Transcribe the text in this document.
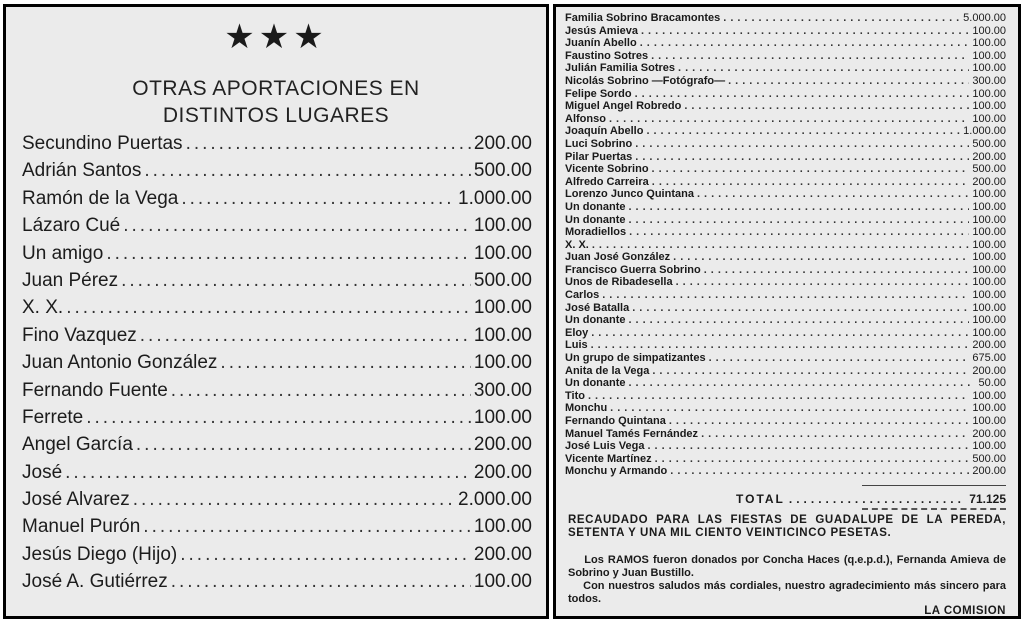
★★★
OTRAS APORTACIONES EN
DISTINTOS LUGARES
Secundino Puertas .....	200.00
Adrián Santos .....	500.00
Ramón de la Vega .....	1.000.00
Lázaro Cué .....	100.00
Un amigo .....	100.00
Juan Pérez .....	500.00
X. X. .....	100.00
Fino Vazquez .....	100.00
Juan Antonio González .....	100.00
Fernando Fuente .....	300.00
Ferrete .....	100.00
Angel García .....	200.00
José .....	200.00
José Alvarez .....	2.000.00
Manuel Purón .....	100.00
Jesús Diego (Hijo) .....	200.00
José A. Gutiérrez .....	100.00
Familia Sobrino Bracamontes .....	5.000.00
Jesús Amieva .....	100.00
Juanín Abello .....	100.00
Faustino Sotres .....	100.00
Julián Familia Sotres .....	100.00
Nicolás Sobrino —Fotógrafo— .....	300.00
Felipe Sordo .....	100.00
Miguel Angel Robredo .....	100.00
Alfonso .....	100.00
Joaquín Abello .....	1.000.00
Luci Sobrino .....	500.00
Pilar Puertas .....	200.00
Vicente Sobrino .....	500.00
Alfredo Carreira .....	200.00
Lorenzo Junco Quintana .....	100.00
Un donante .....	100.00
Un donante .....	100.00
Moradiellos .....	100.00
X. X. .....	100.00
Juan José González .....	100.00
Francisco Guerra Sobrino .....	100.00
Unos de Ribadesella .....	100.00
Carlos .....	100.00
José Batalla .....	100.00
Un donante .....	100.00
Eloy .....	100.00
Luis .....	200.00
Un grupo de simpatizantes .....	675.00
Anita de la Vega .....	200.00
Un donante .....	50.00
Tito .....	100.00
Monchu .....	100.00
Fernando Quintana .....	100.00
Manuel Tamés Fernández .....	200.00
José Luis Vega .....	100.00
Vicente Martínez .....	500.00
Monchu y Armando .....	200.00
TOTAL .....	71.125
RECAUDADO PARA LAS FIESTAS DE GUADALUPE DE LA PEREDA, SETENTA Y UNA MIL CIENTO VEINTICINCO PESETAS.
Los RAMOS fueron donados por Concha Haces (q.e.p.d.), Fernanda Amieva de Sobrino y Juan Bustillo.
Con nuestros saludos más cordiales, nuestro agradecimiento más sincero para todos.
LA COMISION
